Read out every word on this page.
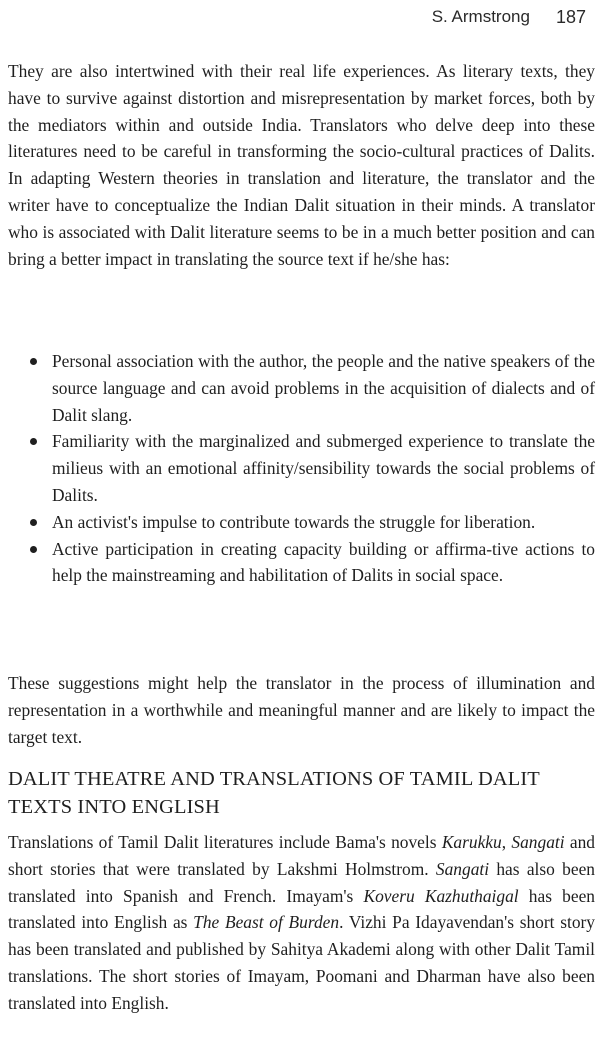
S. Armstrong 187

They are also intertwined with their real life experiences. As literary texts, they have to survive against distortion and misrepresentation by market forces, both by the mediators within and outside India. Translators who delve deep into these literatures need to be careful in transforming the socio-cultural practices of Dalits. In adapting Western theories in translation and literature, the translator and the writer have to conceptualize the Indian Dalit situation in their minds. A translator who is associated with Dalit literature seems to be in a much better position and can bring a better impact in translating the source text if he/she has:

Personal association with the author, the people and the native speakers of the source language and can avoid problems in the acquisition of dialects and of Dalit slang.
Familiarity with the marginalized and submerged experience to translate the milieus with an emotional affinity/sensibility towards the social problems of Dalits.
An activist's impulse to contribute towards the struggle for liberation.
Active participation in creating capacity building or affirma-tive actions to help the mainstreaming and habilitation of Dalits in social space.

These suggestions might help the translator in the process of illumination and representation in a worthwhile and meaningful manner and are likely to impact the target text.

DALIT THEATRE AND TRANSLATIONS OF TAMIL DALIT TEXTS INTO ENGLISH

Translations of Tamil Dalit literatures include Bama's novels Karukku, Sangati and short stories that were translated by Lakshmi Holmstrom. Sangati has also been translated into Spanish and French. Imayam's Koveru Kazhuthaigal has been translated into English as The Beast of Burden. Vizhi Pa Idayavendan's short story has been translated and published by Sahitya Akademi along with other Dalit Tamil translations. The short stories of Imayam, Poomani and Dharman have also been translated into English.
